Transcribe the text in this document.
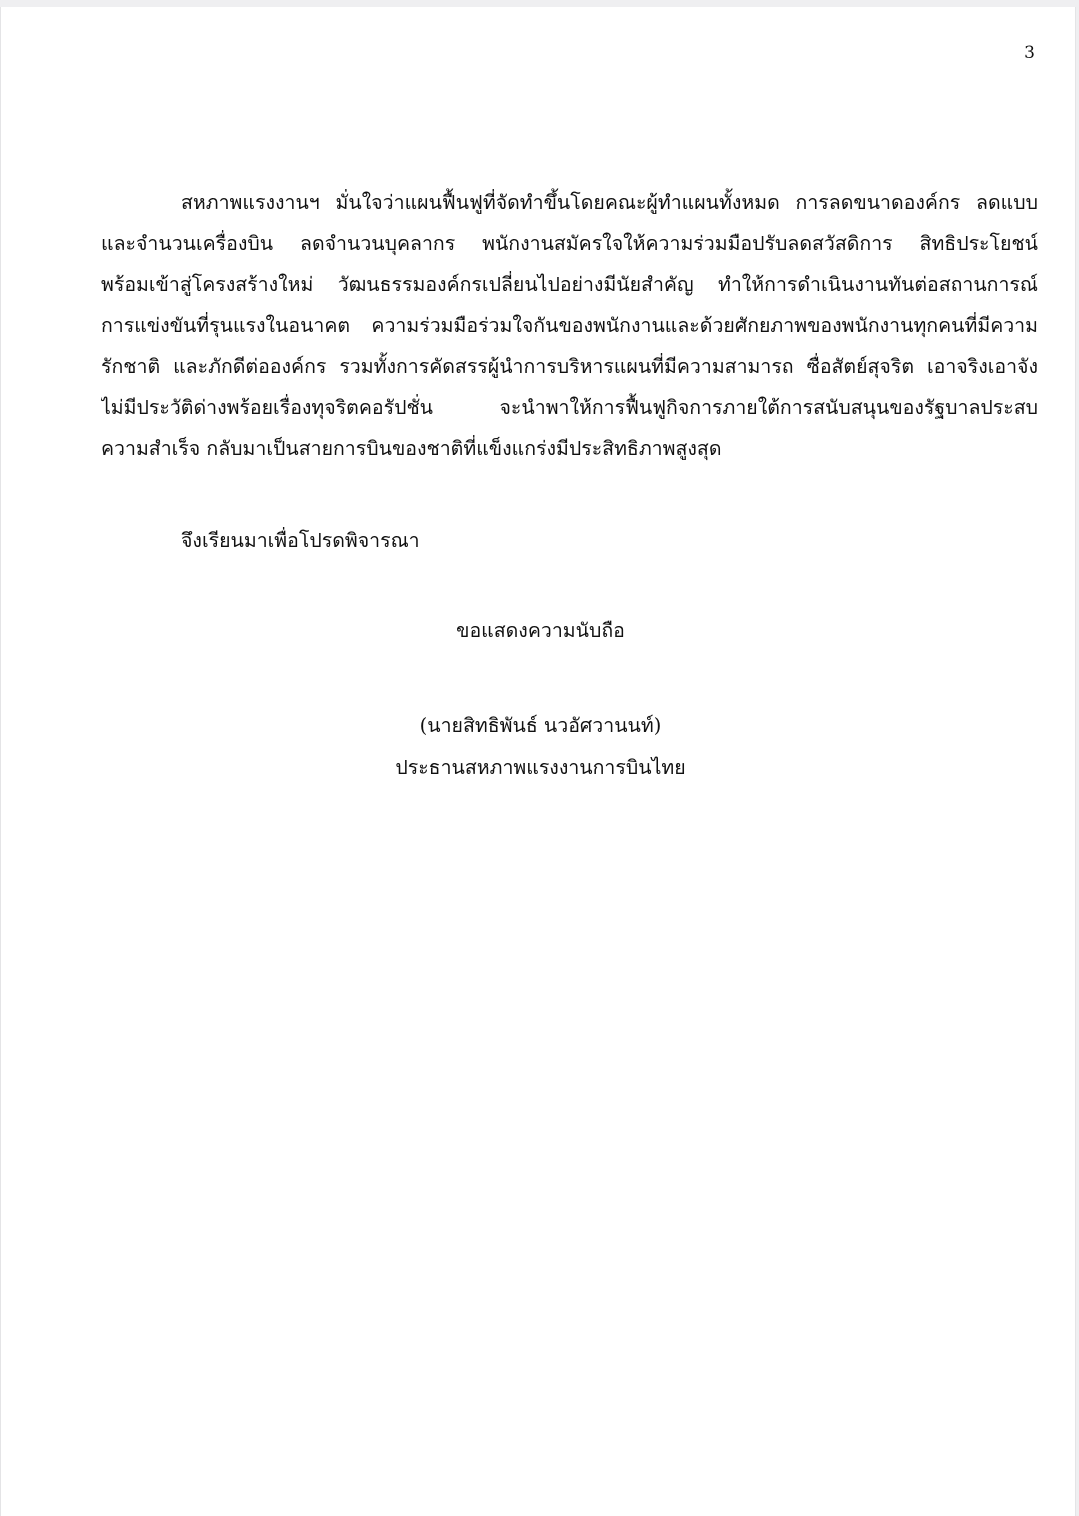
3
สหภาพแรงงานฯ มั่นใจว่าแผนฟื้นฟูที่จัดทำขึ้นโดยคณะผู้ทำแผนทั้งหมด การลดขนาดองค์กร ลดแบบ
และจำนวนเครื่องบิน ลดจำนวนบุคลากร พนักงานสมัครใจให้ความร่วมมือปรับลดสวัสดิการ สิทธิประโยชน์
พร้อมเข้าสู่โครงสร้างใหม่ วัฒนธรรมองค์กรเปลี่ยนไปอย่างมีนัยสำคัญ ทำให้การดำเนินงานทันต่อสถานการณ์
การแข่งขันที่รุนแรงในอนาคต ความร่วมมือร่วมใจกันของพนักงานและด้วยศักยภาพของพนักงานทุกคนที่มีความ
รักชาติ และภักดีต่อองค์กร รวมทั้งการคัดสรรผู้นำการบริหารแผนที่มีความสามารถ ซื่อสัตย์สุจริต เอาจริงเอาจัง
ไม่มีประวัติด่างพร้อยเรื่องทุจริตคอรัปชั่น จะนำพาให้การฟื้นฟูกิจการภายใต้การสนับสนุนของรัฐบาลประสบ
ความสำเร็จ กลับมาเป็นสายการบินของชาติที่แข็งแกร่งมีประสิทธิภาพสูงสุด
จึงเรียนมาเพื่อโปรดพิจารณา
ขอแสดงความนับถือ
(นายสิทธิพันธ์ นวอัศวานนท์)
ประธานสหภาพแรงงานการบินไทย
